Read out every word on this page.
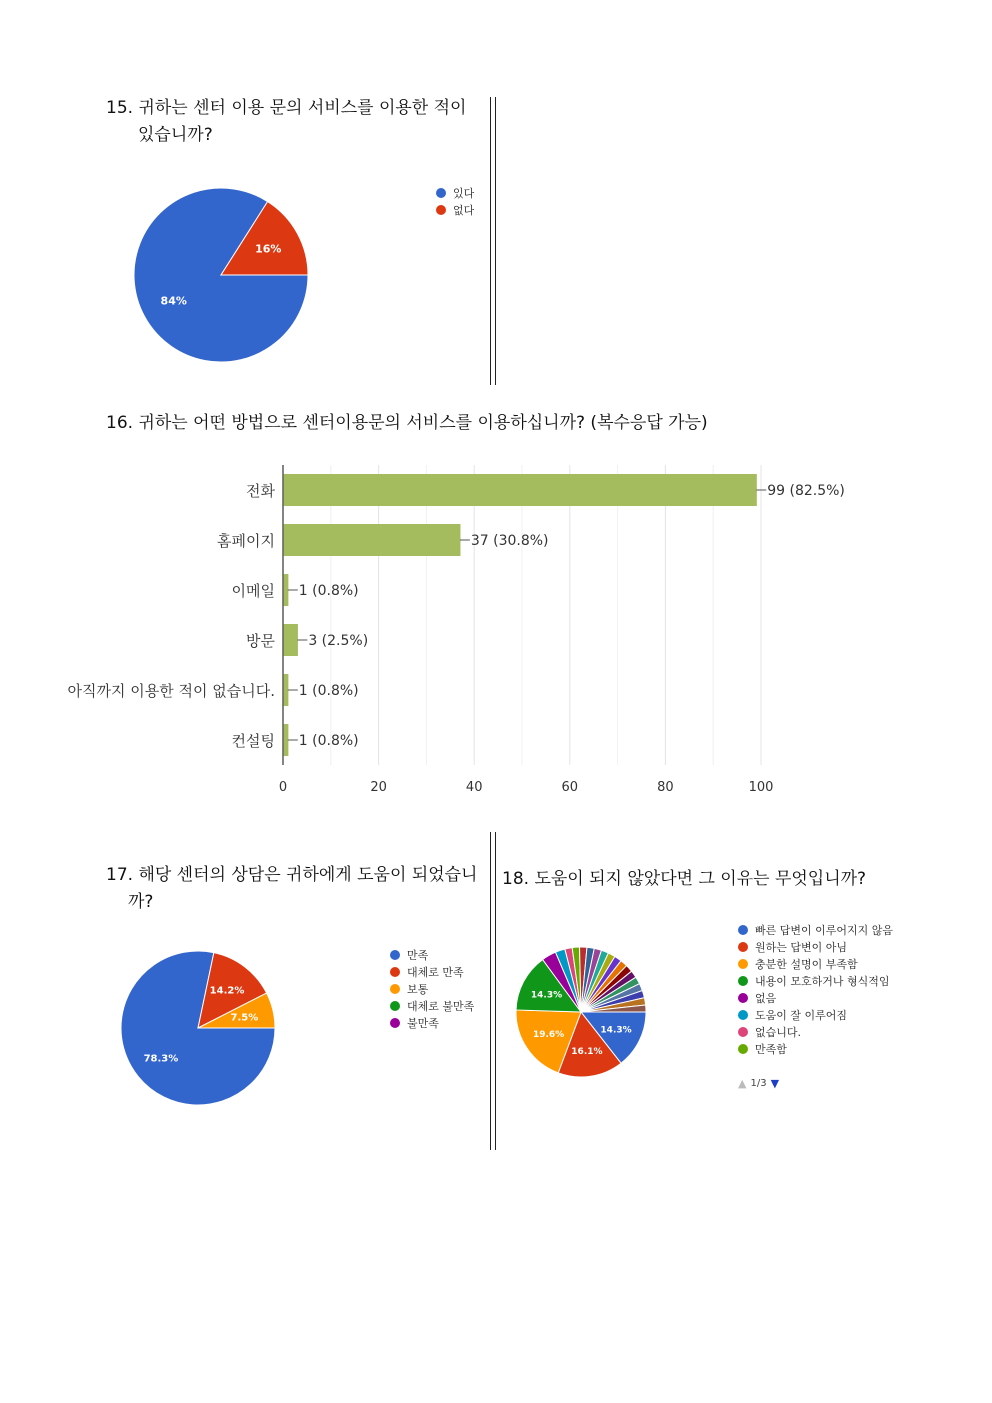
15. 귀하는 센터 이용 문의 서비스를 이용한 적이
있습니까?
84%
16%
있다
없다
16. 귀하는 어떤 방법으로 센터이용문의 서비스를 이용하십니까? (복수응답 가능)
0	20	40	60	80	100
전화	99 (82.5%)
홈페이지	37 (30.8%)
이메일 1 (0.8%)
방문 3 (2.5%)
아직까지 이용한 적이 없습니다. 1 (0.8%)
컨설팅 1 (0.8%)
17. 해당 센터의 상담은 귀하에게 도움이 되었습니
까?
78.3%
14.2%
7.5%
만족
대체로 만족
보통
대체로 불만족
불만족
18. 도움이 되지 않았다면 그 이유는 무엇입니까?
14.3%
16.1%
19.6%
14.3%
빠른 답변이 이루어지지 않음
원하는 답변이 아님
충분한 설명이 부족함
내용이 모호하거나 형식적임
없음
도움이 잘 이루어짐
없습니다.
만족함
▲ 1/3 ▼
